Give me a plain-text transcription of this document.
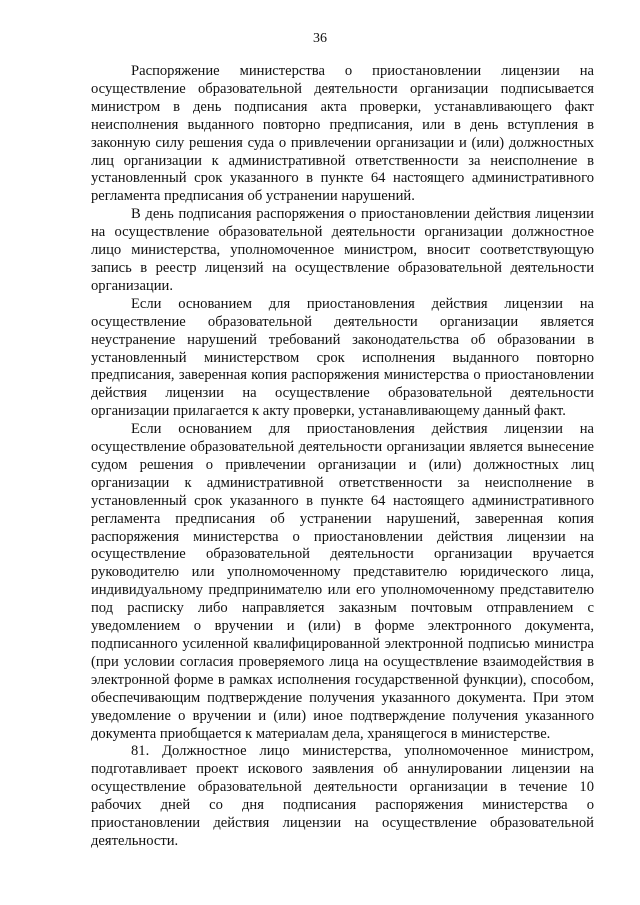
36

Распоряжение министерства о приостановлении лицензии на осуществление образовательной деятельности организации подписывается министром в день подписания акта проверки, устанавливающего факт неисполнения выданного повторно предписания, или в день вступления в законную силу решения суда о привлечении организации и (или) должностных лиц организации к административной ответственности за неисполнение в установленный срок указанного в пункте 64 настоящего административного регламента предписания об устранении нарушений.

В день подписания распоряжения о приостановлении действия лицензии на осуществление образовательной деятельности организации должностное лицо министерства, уполномоченное министром, вносит соответствующую запись в реестр лицензий на осуществление образовательной деятельности организации.

Если основанием для приостановления действия лицензии на осуществление образовательной деятельности организации является неустранение нарушений требований законодательства об образовании в установленный министерством срок исполнения выданного повторно предписания, заверенная копия распоряжения министерства о приостановлении действия лицензии на осуществление образовательной деятельности организации прилагается к акту проверки, устанавливающему данный факт.

Если основанием для приостановления действия лицензии на осуществление образовательной деятельности организации является вынесение судом решения о привлечении организации и (или) должностных лиц организации к административной ответственности за неисполнение в установленный срок указанного в пункте 64 настоящего административного регламента предписания об устранении нарушений, заверенная копия распоряжения министерства о приостановлении действия лицензии на осуществление образовательной деятельности организации вручается руководителю или уполномоченному представителю юридического лица, индивидуальному предпринимателю или его уполномоченному представителю под расписку либо направляется заказным почтовым отправлением с уведомлением о вручении и (или) в форме электронного документа, подписанного усиленной квалифицированной электронной подписью министра (при условии согласия проверяемого лица на осуществление взаимодействия в электронной форме в рамках исполнения государственной функции), способом, обеспечивающим подтверждение получения указанного документа. При этом уведомление о вручении и (или) иное подтверждение получения указанного документа приобщается к материалам дела, хранящегося в министерстве.

81. Должностное лицо министерства, уполномоченное министром, подготавливает проект искового заявления об аннулировании лицензии на осуществление образовательной деятельности организации в течение 10 рабочих дней со дня подписания распоряжения министерства о приостановлении действия лицензии на осуществление образовательной деятельности.
